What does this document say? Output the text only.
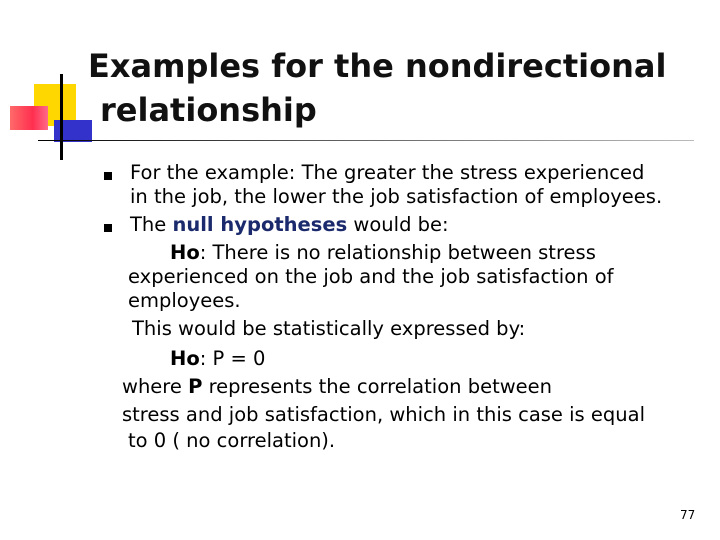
Examples for the nondirectional
relationship
For the example: The greater the stress experienced
in the job, the lower the job satisfaction of employees.
The null hypotheses would be:
Ho: There is no relationship between stress
experienced on the job and the job satisfaction of
employees.
This would be statistically expressed by:
Ho: P = 0
where P represents the correlation between
stress and job satisfaction, which in this case is equal
to 0 ( no correlation).
77
